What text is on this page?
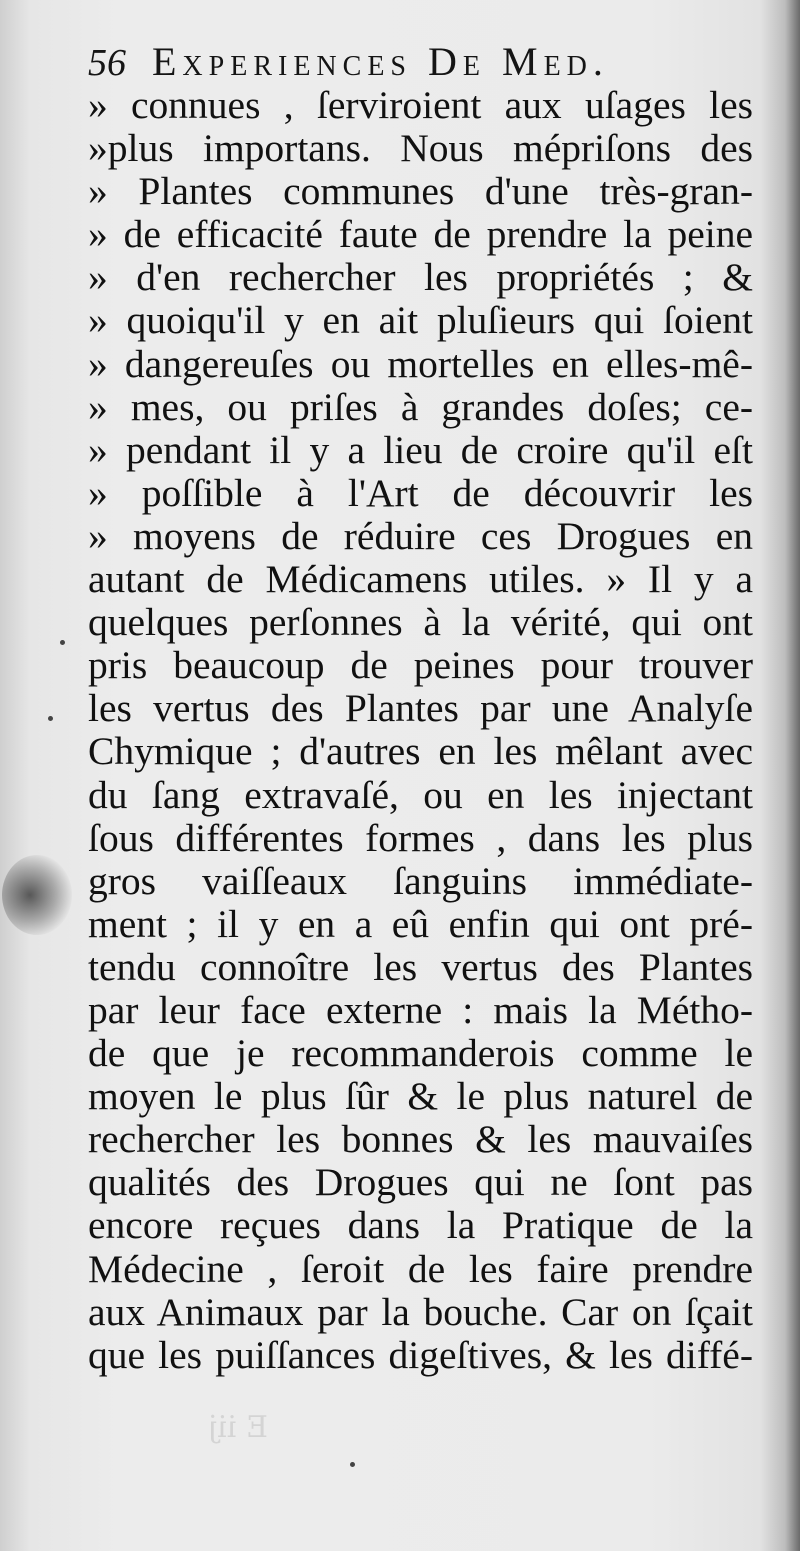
E iij
56 Experiences De Med.
» connues , ſerviroient aux uſages les
»plus importans. Nous mépriſons des
» Plantes communes d'une très-gran-
» de efficacité faute de prendre la peine
» d'en rechercher les propriétés ; &
» quoiqu'il y en ait pluſieurs qui ſoient
» dangereuſes ou mortelles en elles-mê-
» mes, ou priſes à grandes doſes; ce-
» pendant il y a lieu de croire qu'il eſt
» poſſible à l'Art de découvrir les
» moyens de réduire ces Drogues en
autant de Médicamens utiles. » Il y a
quelques perſonnes à la vérité, qui ont
pris beaucoup de peines pour trouver
les vertus des Plantes par une Analyſe
Chymique ; d'autres en les mêlant avec
du ſang extravaſé, ou en les injectant
ſous différentes formes , dans les plus
gros vaiſſeaux ſanguins immédiate-
ment ; il y en a eû enfin qui ont pré-
tendu connoître les vertus des Plantes
par leur face externe : mais la Métho-
de que je recommanderois comme le
moyen le plus ſûr & le plus naturel de
rechercher les bonnes & les mauvaiſes
qualités des Drogues qui ne ſont pas
encore reçues dans la Pratique de la
Médecine , ſeroit de les faire prendre
aux Animaux par la bouche. Car on ſçait
que les puiſſances digeſtives, & les diffé-
